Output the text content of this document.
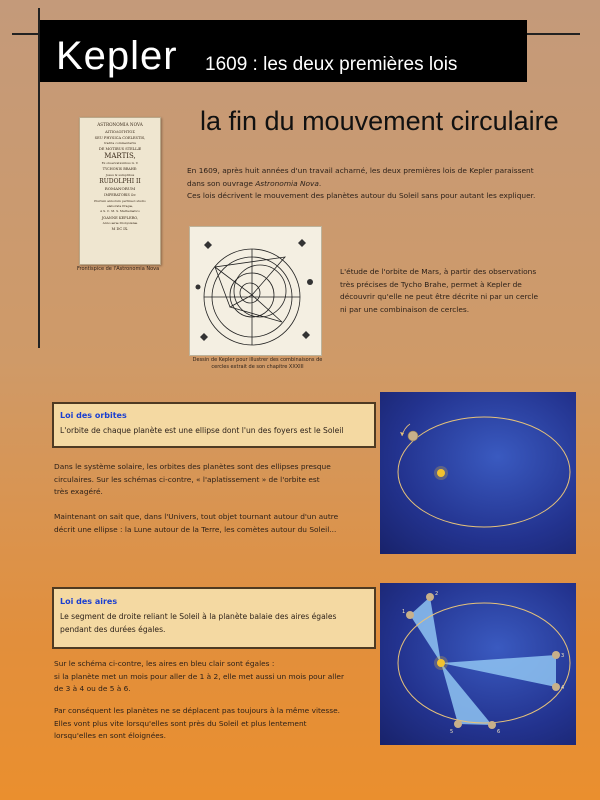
Kepler 1609 : les deux premières lois
la fin du mouvement circulaire
ASTRONOMIA NOVA
AITIOΛOΓHTOΣ
SEU PHYSICA COELESTIS,
tradita commentariis
DE MOTIBUS STELLÆ
MARTIS,
Ex observationibus G. V.
TYCHONIS BRAHE:
Jussu & sumptibus
RUDOLPHI II
ROMANORUM
IMPERATORIS &c
Plurium annorum pertinaci studio
elaborata Pragæ,
A S. C. M. S. Mathematico
JOANNE KEPLERO,
Anno æræ Dionysianæ
M DC IX.
Frontispice de l'Astronomia Nova
En 1609, après huit années d'un travail acharné, les deux premières lois de Kepler paraissent
dans son ouvrage Astronomia Nova.
Ces lois décrivent le mouvement des planètes autour du Soleil sans pour autant les expliquer.
Dessin de Kepler pour illustrer des combinaisons de cercles extrait de son chapitre XXXIII
L'étude de l'orbite de Mars, à partir des observations
très précises de Tycho Brahe, permet à Kepler de
découvrir qu'elle ne peut être décrite ni par un cercle
ni par une combinaison de cercles.
Loi des orbites
L'orbite de chaque planète est une ellipse dont l'un des foyers est le Soleil
Dans le système solaire, les orbites des planètes sont des ellipses presque
circulaires. Sur les schémas ci-contre, « l'aplatissement » de l'orbite est
très exagéré.
Maintenant on sait que, dans l'Univers, tout objet tournant autour d'un autre
décrit une ellipse : la Lune autour de la Terre, les comètes autour du Soleil...
Loi des aires
Le segment de droite reliant le Soleil à la planète balaie des aires égales
pendant des durées égales.
Sur le schéma ci-contre, les aires en bleu clair sont égales :
si la planète met un mois pour aller de 1 à 2, elle met aussi un mois pour aller
de 3 à 4 ou de 5 à 6.
Par conséquent les planètes ne se déplacent pas toujours à la même vitesse.
Elles vont plus vite lorsqu'elles sont près du Soleil et plus lentement
lorsqu'elles en sont éloignées.
1
2
3
4
5	6
